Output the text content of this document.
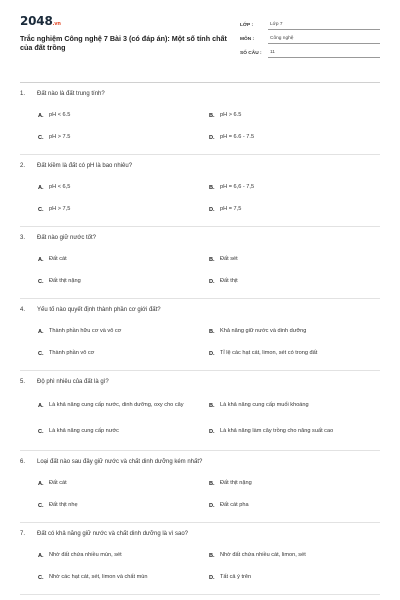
2048.vn
Trắc nghiệm Công nghệ 7 Bài 3 (có đáp án): Một số tính chất của đất trồng
LỚP :	Lớp 7
MÔN :	Công nghệ
SỐ CÂU :	11
1.	Đất nào là đất trung tính?
A. pH < 6.5	B. pH > 6.5
C. pH > 7.5	D. pH = 6.6 - 7.5
2.	Đất kiềm là đất có pH là bao nhiêu?
A. pH < 6,5	B. pH = 6,6 - 7,5
C. pH > 7,5	D. pH = 7,5
3.	Đất nào giữ nước tốt?
A. Đất cát	B. Đất sét
C. Đất thịt nặng	D. Đất thịt
4.	Yếu tố nào quyết định thành phần cơ giới đất?
A. Thành phần hữu cơ và vô cơ	B. Khả năng giữ nước và dinh dưỡng
C. Thành phần vô cơ	D. Tỉ lệ các hạt cát, limon, sét có trong đất
5.	Độ phì nhiêu của đất là gì?
A. Là khả năng cung cấp nước, dinh dưỡng, oxy cho cây	B. Là khả năng cung cấp muối khoáng
C. Là khả năng cung cấp nước	D. Là khả năng làm cây trồng cho năng suất cao
6.	Loại đất nào sau đây giữ nước và chất dinh dưỡng kém nhất?
A. Đất cát	B. Đất thịt nặng
C. Đất thịt nhẹ	D. Đất cát pha
7.	Đất có khả năng giữ nước và chất dinh dưỡng là vì sao?
A. Nhờ đất chứa nhiều mùn, sét	B. Nhờ đất chứa nhiều cát, limon, sét
C. Nhờ các hạt cát, sét, limon và chất mùn	D. Tất cả ý trên
